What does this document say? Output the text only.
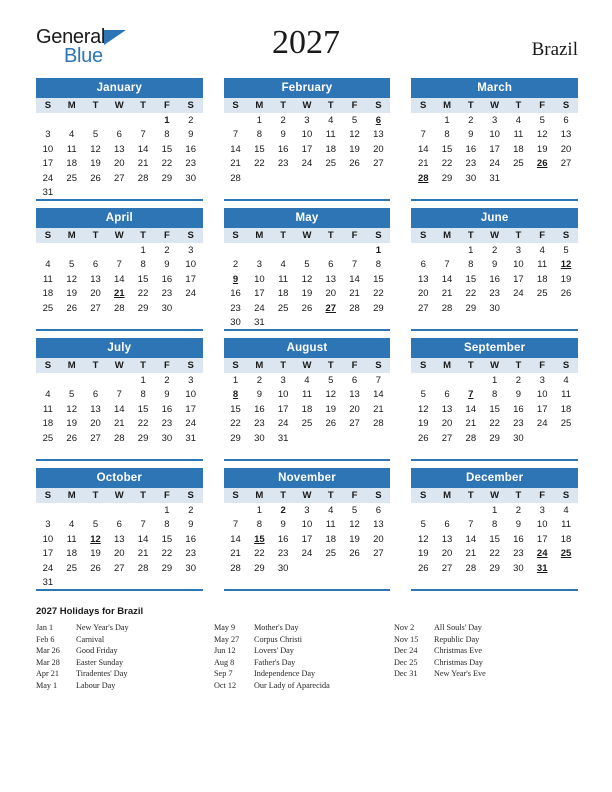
General
Blue	2027	Brazil
January
S	M	T	W	T	F	S
					1	2
3	4	5	6	7	8	9
10	11	12	13	14	15	16
17	18	19	20	21	22	23
24	25	26	27	28	29	30
31						
February
S	M	T	W	T	F	S
	1	2	3	4	5	6
7	8	9	10	11	12	13
14	15	16	17	18	19	20
21	22	23	24	25	26	27
28						

March
S	M	T	W	T	F	S
	1	2	3	4	5	6
7	8	9	10	11	12	13
14	15	16	17	18	19	20
21	22	23	24	25	26	27
28	29	30	31			

April
S	M	T	W	T	F	S
				1	2	3
4	5	6	7	8	9	10
11	12	13	14	15	16	17
18	19	20	21	22	23	24
25	26	27	28	29	30	

May
S	M	T	W	T	F	S
						1
2	3	4	5	6	7	8
9	10	11	12	13	14	15
16	17	18	19	20	21	22
23	24	25	26	27	28	29
30	31					
June
S	M	T	W	T	F	S
		1	2	3	4	5
6	7	8	9	10	11	12
13	14	15	16	17	18	19
20	21	22	23	24	25	26
27	28	29	30			

July
S	M	T	W	T	F	S
				1	2	3
4	5	6	7	8	9	10
11	12	13	14	15	16	17
18	19	20	21	22	23	24
25	26	27	28	29	30	31

August
S	M	T	W	T	F	S
1	2	3	4	5	6	7
8	9	10	11	12	13	14
15	16	17	18	19	20	21
22	23	24	25	26	27	28
29	30	31				

September
S	M	T	W	T	F	S
			1	2	3	4
5	6	7	8	9	10	11
12	13	14	15	16	17	18
19	20	21	22	23	24	25
26	27	28	29	30		

October
S	M	T	W	T	F	S
					1	2
3	4	5	6	7	8	9
10	11	12	13	14	15	16
17	18	19	20	21	22	23
24	25	26	27	28	29	30
31						
November
S	M	T	W	T	F	S
	1	2	3	4	5	6
7	8	9	10	11	12	13
14	15	16	17	18	19	20
21	22	23	24	25	26	27
28	29	30				

December
S	M	T	W	T	F	S
			1	2	3	4
5	6	7	8	9	10	11
12	13	14	15	16	17	18
19	20	21	22	23	24	25
26	27	28	29	30	31	

2027 Holidays for Brazil
Jan 1	New Year's Day
Feb 6	Carnival
Mar 26	Good Friday
Mar 28	Easter Sunday
Apr 21	Tiradentes' Day
May 1	Labour Day
May 9	Mother's Day
May 27	Corpus Christi
Jun 12	Lovers' Day
Aug 8	Father's Day
Sep 7	Independence Day
Oct 12	Our Lady of Aparecida
Nov 2	All Souls' Day
Nov 15	Republic Day
Dec 24	Christmas Eve
Dec 25	Christmas Day
Dec 31	New Year's Eve
